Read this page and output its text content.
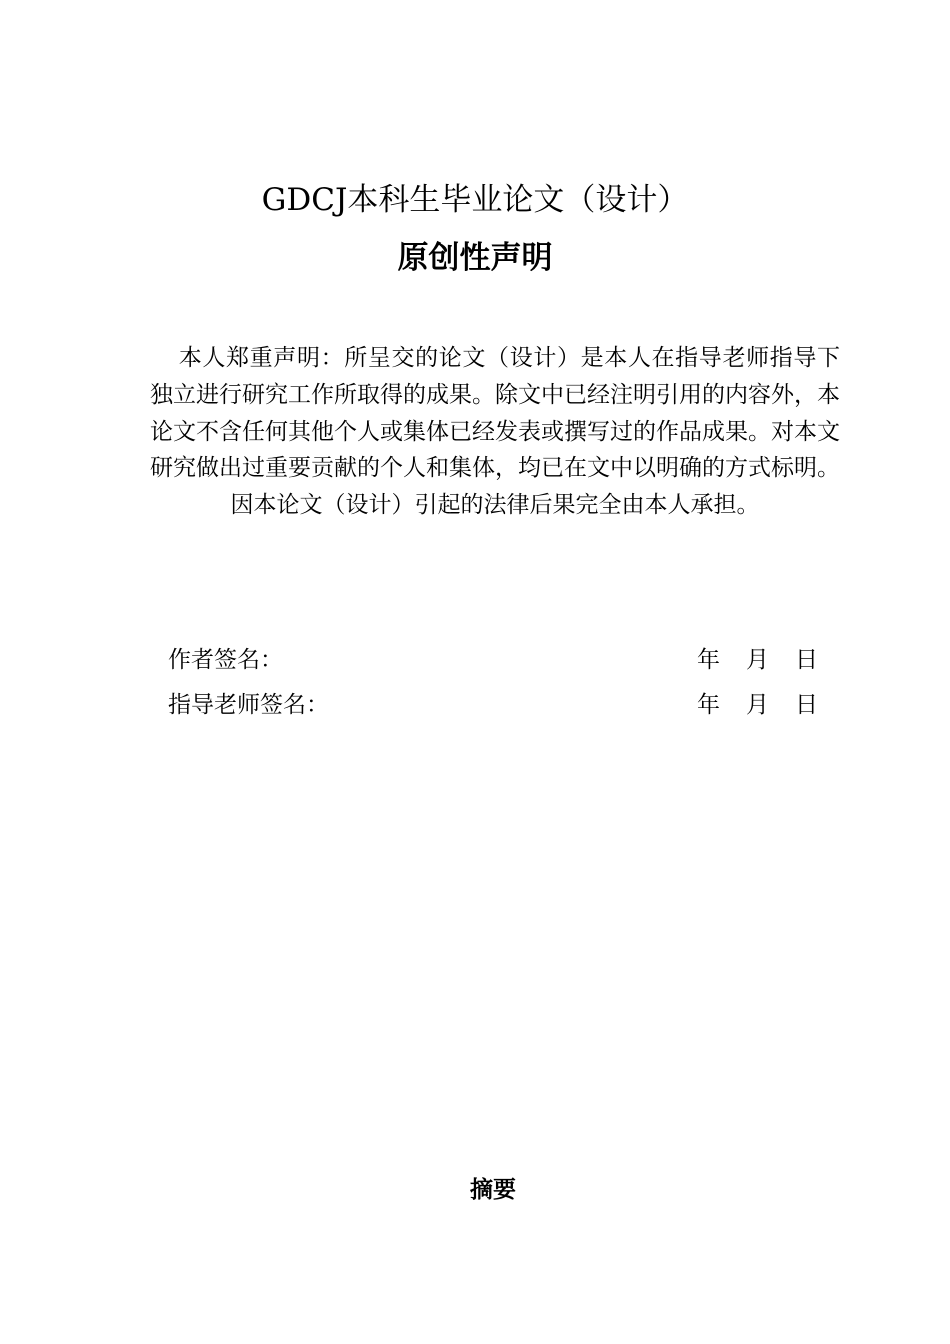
GDCJ本科生毕业论文（设计）
原创性声明

本人郑重声明：所呈交的论文（设计）是本人在指导老师指导下独立进行研究工作所取得的成果。除文中已经注明引用的内容外，本论文不含任何其他个人或集体已经发表或撰写过的作品成果。对本文研究做出过重要贡献的个人和集体，均已在文中以明确的方式标明。因本论文（设计）引起的法律后果完全由本人承担。

作者签名：	年 月 日
指导老师签名：	年 月 日
摘要
